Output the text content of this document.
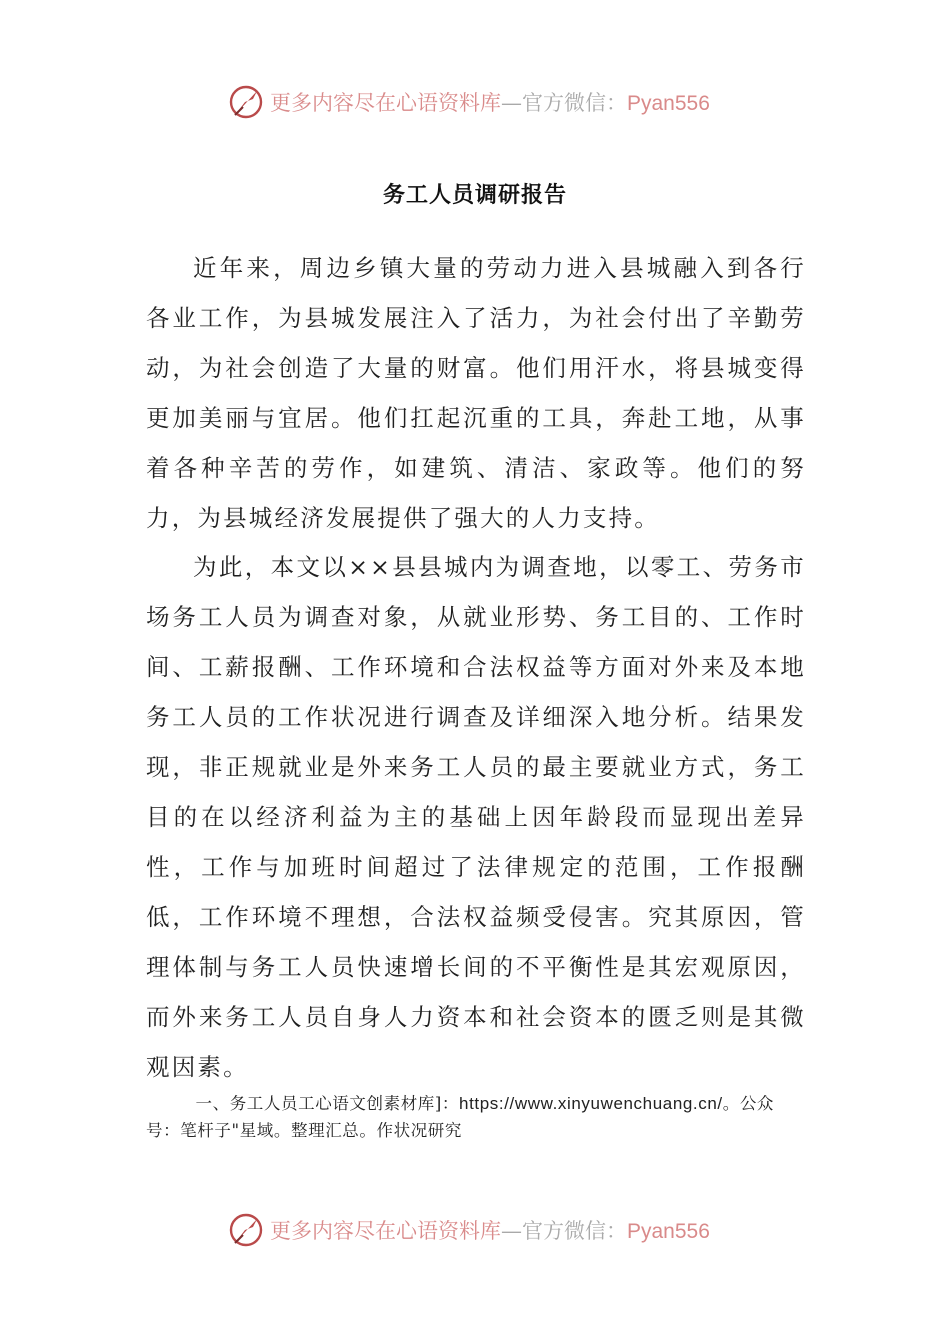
更多内容尽在心语资料库—官方微信：Pyan556
务工人员调研报告

近年来，周边乡镇大量的劳动力进入县城融入到各行各业工作，为县城发展注入了活力，为社会付出了辛勤劳动，为社会创造了大量的财富。他们用汗水，将县城变得更加美丽与宜居。他们扛起沉重的工具，奔赴工地，从事着各种辛苦的劳作，如建筑、清洁、家政等。他们的努力，为县城经济发展提供了强大的人力支持。

为此，本文以××县县城内为调查地，以零工、劳务市场务工人员为调查对象，从就业形势、务工目的、工作时间、工薪报酬、工作环境和合法权益等方面对外来及本地务工人员的工作状况进行调查及详细深入地分析。结果发现，非正规就业是外来务工人员的最主要就业方式，务工目的在以经济利益为主的基础上因年龄段而显现出差异性，工作与加班时间超过了法律规定的范围，工作报酬低，工作环境不理想，合法权益频受侵害。究其原因，管理体制与务工人员快速增长间的不平衡性是其宏观原因，而外来务工人员自身人力资本和社会资本的匮乏则是其微观因素。

一、务工人员工心语文创素材库]：https://www.xinyuwenchuang.cn/。公众号：笔杆子"星域。整理汇总。作状况研究
更多内容尽在心语资料库—官方微信：Pyan556
